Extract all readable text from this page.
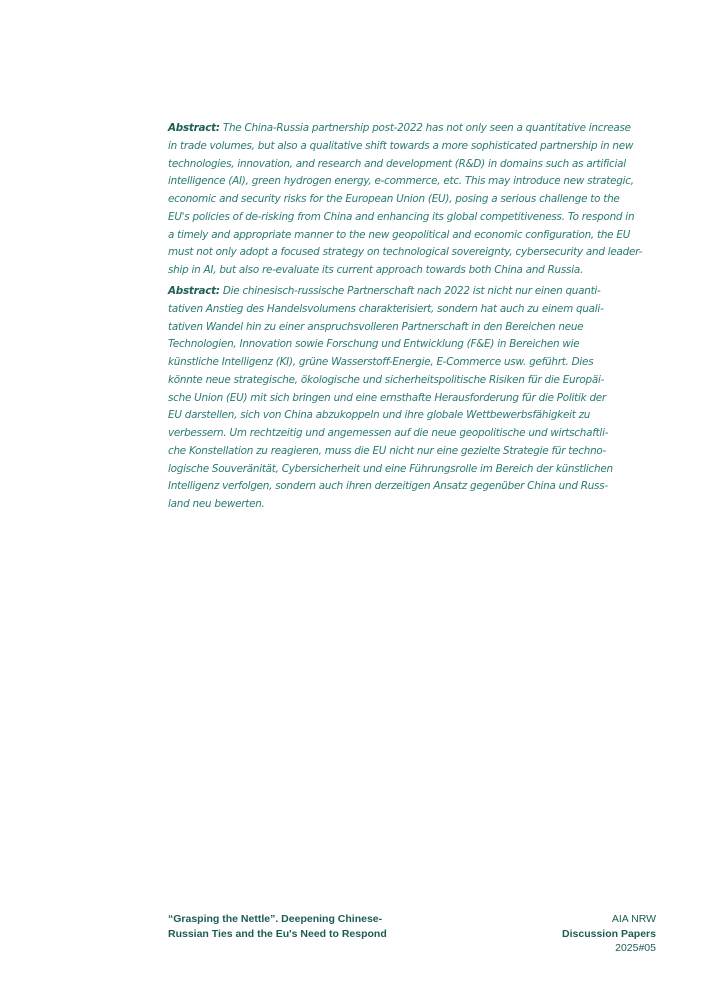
Abstract: The China-Russia partnership post-2022 has not only seen a quantitative increase
in trade volumes, but also a qualitative shift towards a more sophisticated partnership in new
technologies, innovation, and research and development (R&D) in domains such as artificial
intelligence (AI), green hydrogen energy, e-commerce, etc. This may introduce new strategic,
economic and security risks for the European Union (EU), posing a serious challenge to the
EU's policies of de-risking from China and enhancing its global competitiveness. To respond in
a timely and appropriate manner to the new geopolitical and economic configuration, the EU
must not only adopt a focused strategy on technological sovereignty, cybersecurity and leader-
ship in AI, but also re-evaluate its current approach towards both China and Russia.

Abstract: Die chinesisch-russische Partnerschaft nach 2022 ist nicht nur einen quanti-
tativen Anstieg des Handelsvolumens charakterisiert, sondern hat auch zu einem quali-
tativen Wandel hin zu einer anspruchsvolleren Partnerschaft in den Bereichen neue
Technologien, Innovation sowie Forschung und Entwicklung (F&E) in Bereichen wie
künstliche Intelligenz (KI), grüne Wasserstoff-Energie, E-Commerce usw. geführt. Dies
könnte neue strategische, ökologische und sicherheitspolitische Risiken für die Europäi-
sche Union (EU) mit sich bringen und eine ernsthafte Herausforderung für die Politik der
EU darstellen, sich von China abzukoppeln und ihre globale Wettbewerbsfähigkeit zu
verbessern. Um rechtzeitig und angemessen auf die neue geopolitische und wirtschaftli-
che Konstellation zu reagieren, muss die EU nicht nur eine gezielte Strategie für techno-
logische Souveränität, Cybersicherheit und eine Führungsrolle im Bereich der künstlichen
Intelligenz verfolgen, sondern auch ihren derzeitigen Ansatz gegenüber China und Russ-
land neu bewerten.

“Grasping the Nettle”. Deepening Chinese-
Russian Ties and the Eu's Need to Respond
AIA NRW
Discussion Papers
2025#05
